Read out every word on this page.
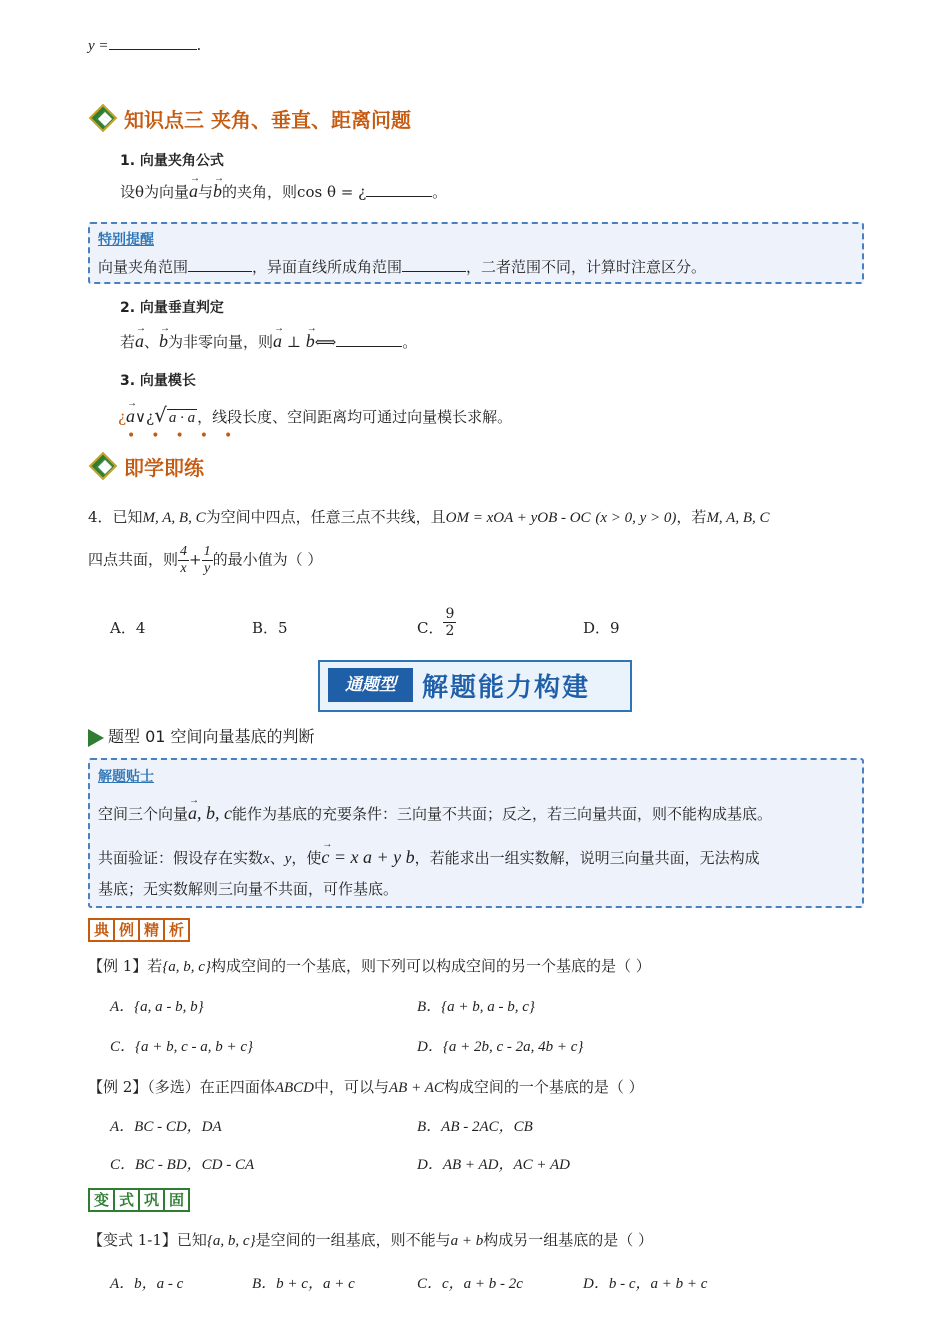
y =	.
知识点三 夹角、垂直、距离问题
1. 向量夹角公式
设θ为向量→ a与→ b的夹角，则cos θ = ¿	。
特别提醒
向量夹角范围	，异面直线所成角范围	，二者范围不同，计算时注意区分。
2. 向量垂直判定
若→ a、→ b为非零向量，则→ a ⊥ → b⟺	。
3. 向量模长
¿→ a∨¿√ a · a ，线段长度、空间距离均可通过向量模长求解。
•••••
即学即练
4．已知M, A, B, C为空间中四点，任意三点不共线，且OM = xOA + yOB - OC (x > 0, y > 0)，若M, A, B, C
四点共面，则 $\frac{4}{x} + \frac{1}{y}$ 的最小值为（ ）
A．4	B．5	C． $\frac{9}{2}$	D．9
通题型	解题能力构建
题型 01 空间向量基底的判断
解题贴士
空间三个向量→ a, b, c能作为基底的充要条件：三向量不共面；反之，若三向量共面，则不能构成基底。
共面验证：假设存在实数x、y，使→ c = x a + y b，若能求出一组实数解，说明三向量共面，无法构成
基底；无实数解则三向量不共面，可作基底。
典 例 精 析
【例 1】若{a, b, c}构成空间的一个基底，则下列可以构成空间的另一个基底的是（ ）
A．{a, a - b, b}	B．{a + b, a - b, c}
C．{a + b, c - a, b + c}	D．{a + 2b, c - 2a, 4b + c}
【例 2】（多选）在正四面体ABCD中，可以与AB + AC构成空间的一个基底的是（ ）
A．BC - CD，DA	B．AB - 2AC，CB
C．BC - BD，CD - CA	D．AB + AD，AC + AD
变 式 巩 固
【变式 1-1】已知{a, b, c}是空间的一组基底，则不能与a + b构成另一组基底的是（ ）
A．b，a - c	B．b + c，a + c	C．c，a + b - 2c	D．b - c，a + b + c
